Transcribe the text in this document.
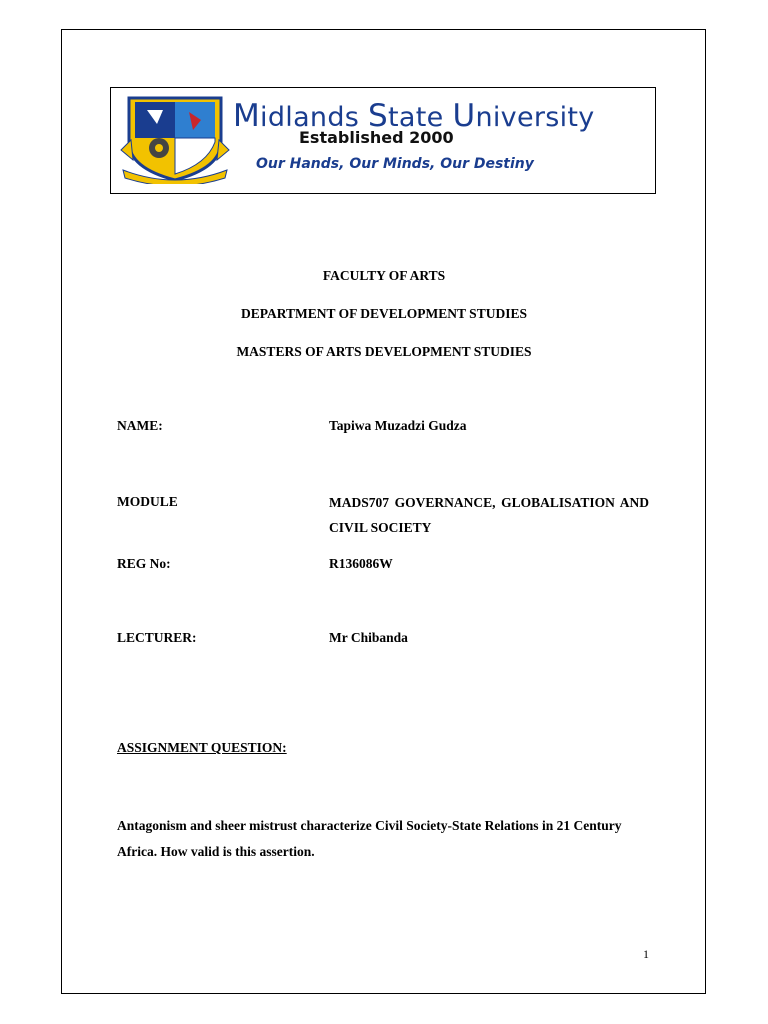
Midlands State University
Established 2000
Our Hands, Our Minds, Our Destiny
FACULTY OF ARTS
DEPARTMENT OF DEVELOPMENT STUDIES
MASTERS OF ARTS DEVELOPMENT STUDIES
NAME:	Tapiwa Muzadzi Gudza
MODULE	MADS707 GOVERNANCE, GLOBALISATION AND CIVIL SOCIETY
REG No:	R136086W
LECTURER:	Mr Chibanda
ASSIGNMENT QUESTION:
Antagonism and sheer mistrust characterize Civil Society-State Relations in 21 Century Africa. How valid is this assertion.
1
